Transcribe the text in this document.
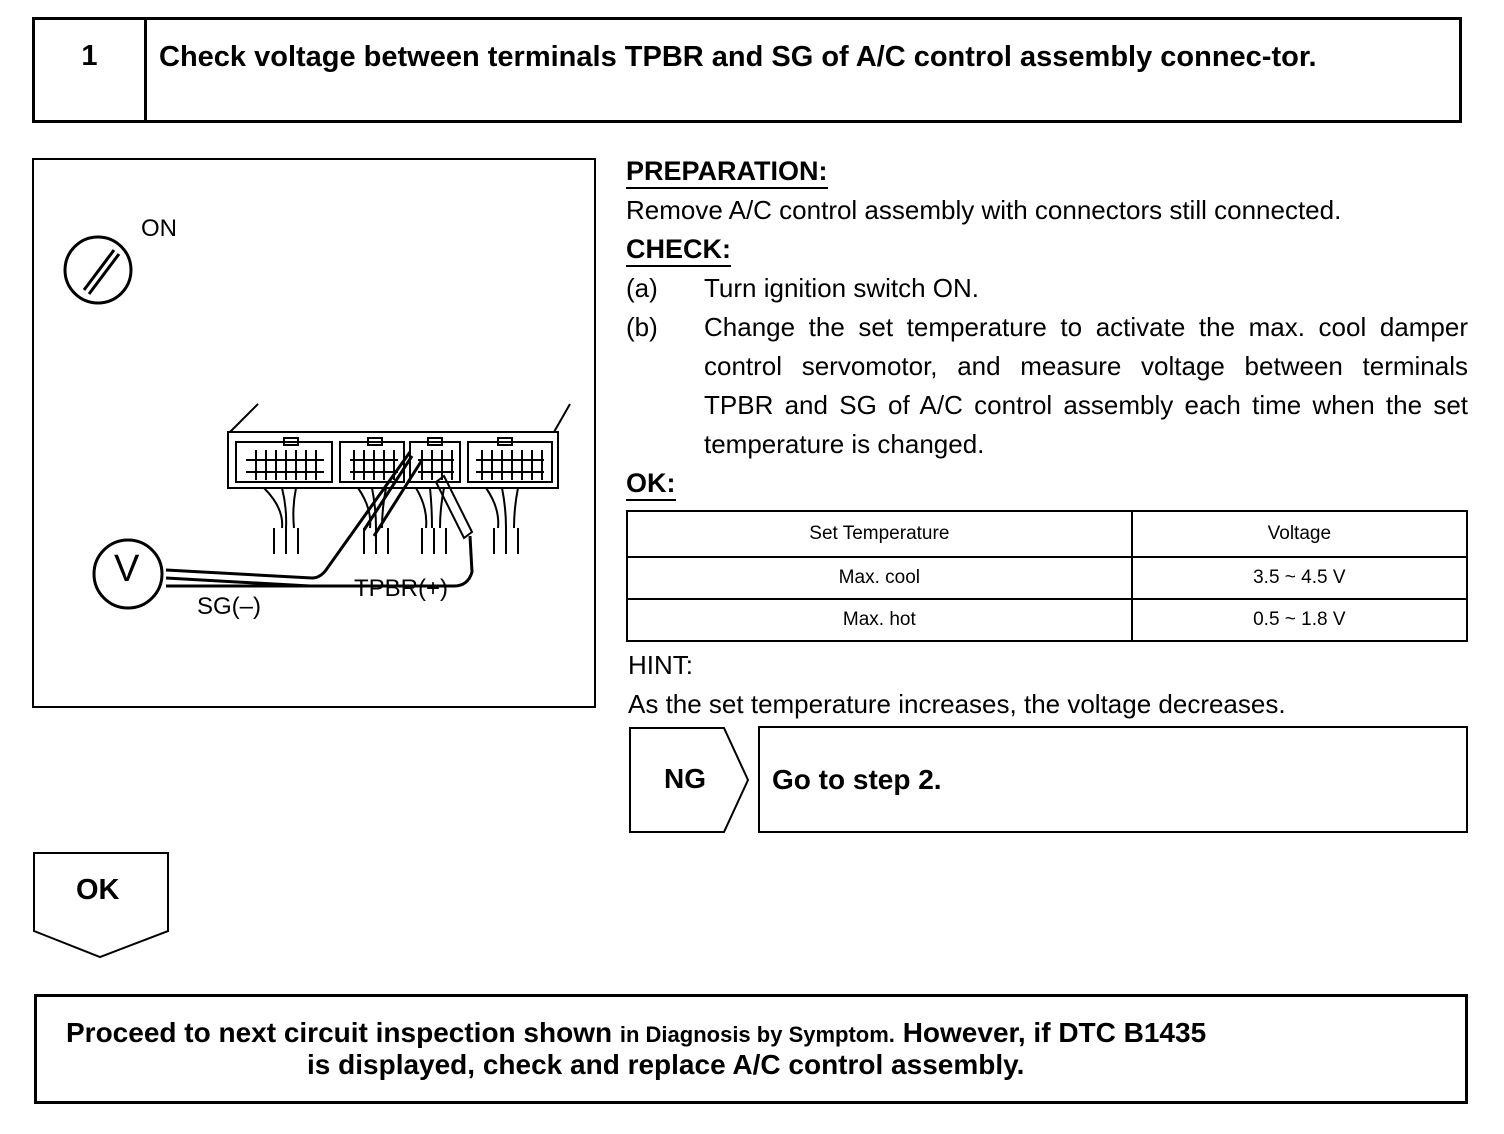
1	Check voltage between terminals TPBR and SG of A/C control assembly connec-tor.
ON
V
SG(–)
TPBR(+)
PREPARATION:

Remove A/C control assembly with connectors still connected.

CHECK:
(a)	Turn ignition switch ON.
(b)	Change the set temperature to activate the max. cool damper control servomotor, and measure voltage between terminals TPBR and SG of A/C control assembly each time when the set temperature is changed.
OK:
Set Temperature	Voltage
Max. cool	3.5 ~ 4.5 V
Max. hot	0.5 ~ 1.8 V
HINT:
As the set temperature increases, the voltage decreases.
NG	Go to step 2.
OK
Proceed to next circuit inspection shown in Diagnosis by Symptom. However, if DTC B1435
is displayed, check and replace A/C control assembly.
